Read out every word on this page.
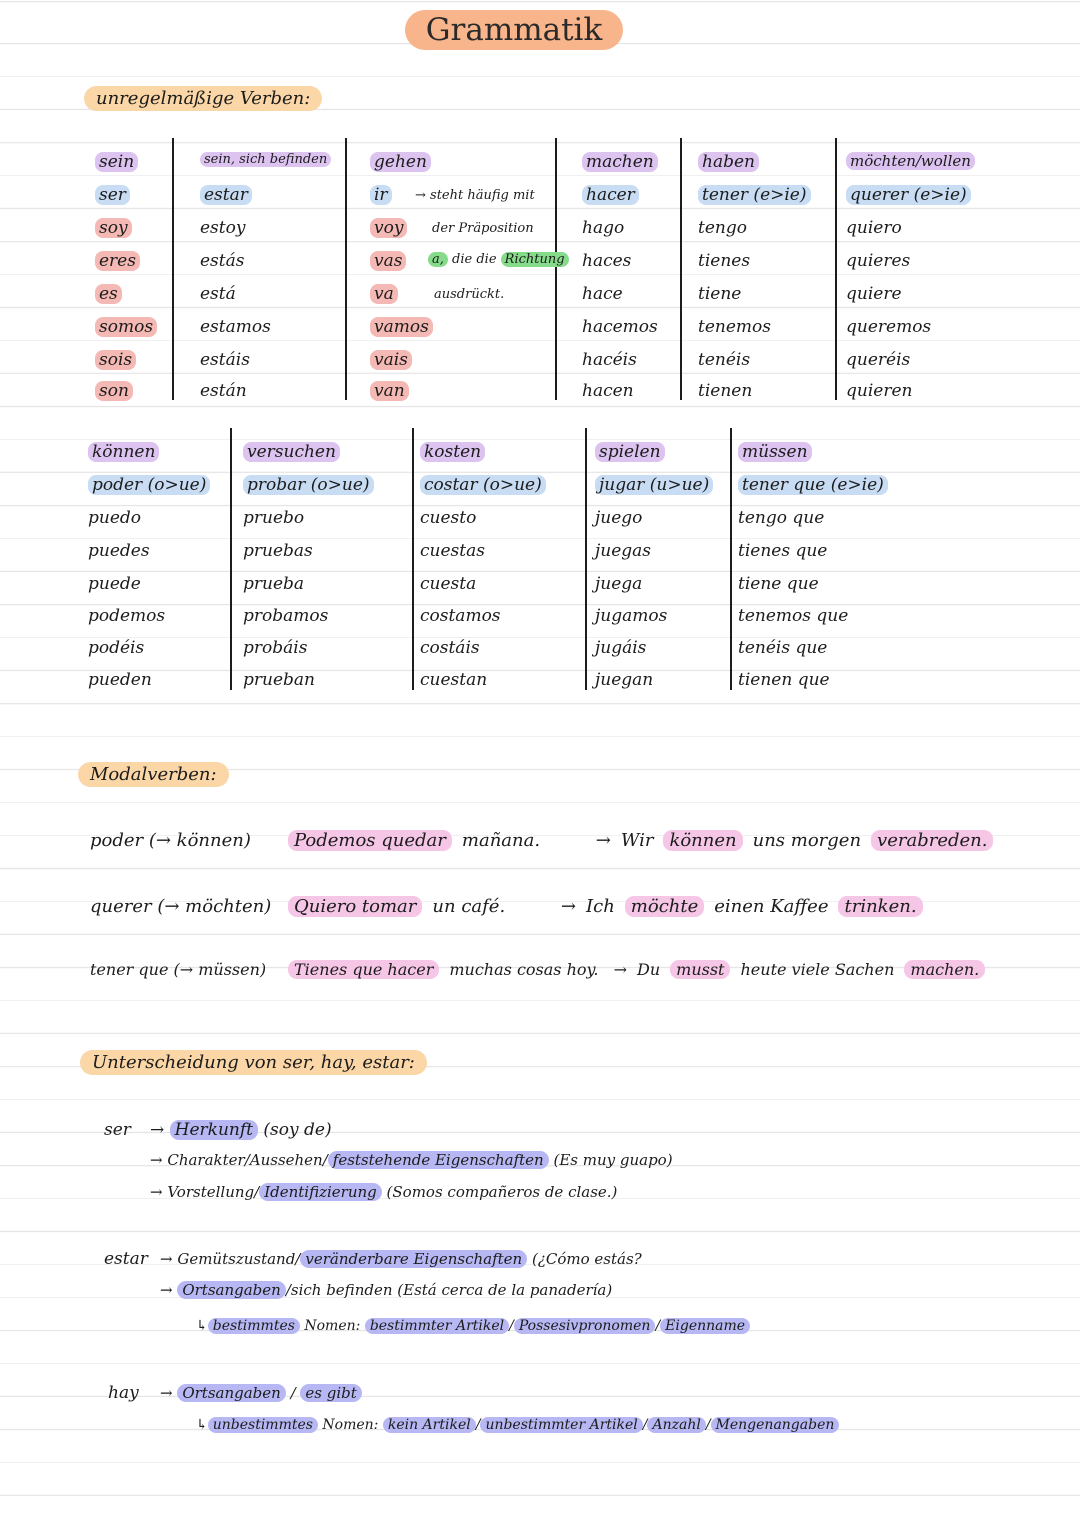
Grammatik
unregelmäßige Verben:
sein
ser
soy
eres
es
somos
sois
son
sein, sich befinden
estar
estoy
estás
está
estamos
estáis
están
gehen
ir
voy
vas
va
vamos
vais
van
machen
hacer
hago
haces
hace
hacemos
hacéis
hacen
haben
tener (e>ie)
tengo
tienes
tiene
tenemos
tenéis
tienen
möchten/wollen
querer (e>ie)
quiero
quieres
quiere
queremos
queréis
quieren
→ steht häufig mit
der Präposition
a, die die Richtung
ausdrückt.
können
poder (o>ue)
puedo
puedes
puede
podemos
podéis
pueden
versuchen
probar (o>ue)
pruebo
pruebas
prueba
probamos
probáis
prueban
kosten
costar (o>ue)
cuesto
cuestas
cuesta
costamos
costáis
cuestan
spielen
jugar (u>ue)
juego
juegas
juega
jugamos
jugáis
juegan
müssen
tener que (e>ie)
tengo que
tienes que
tiene que
tenemos que
tenéis que
tienen que
Modalverben:
poder (→ können) Podemos quedar mañana.	→ Wir können uns morgen verabreden.
querer (→ möchten) Quiero tomar un café.	→ Ich möchte einen Kaffee trinken.
tener que (→ müssen) Tienes que hacer muchas cosas hoy. → Du musst heute viele Sachen machen.
Unterscheidung von ser, hay, estar:
ser → Herkunft (soy de)
→ Charakter/Aussehen/ feststehende Eigenschaften (Es muy guapo)
→ Vorstellung/ Identifizierung (Somos compañeros de clase.)
estar → Gemütszustand/ veränderbare Eigenschaften (¿Cómo estás?
→ Ortsangaben /sich befinden (Está cerca de la panadería)
↳ bestimmtes Nomen: bestimmter Artikel / Possesivpronomen / Eigenname
hay → Ortsangaben / es gibt
↳ unbestimmtes Nomen: kein Artikel / unbestimmter Artikel / Anzahl / Mengenangaben
